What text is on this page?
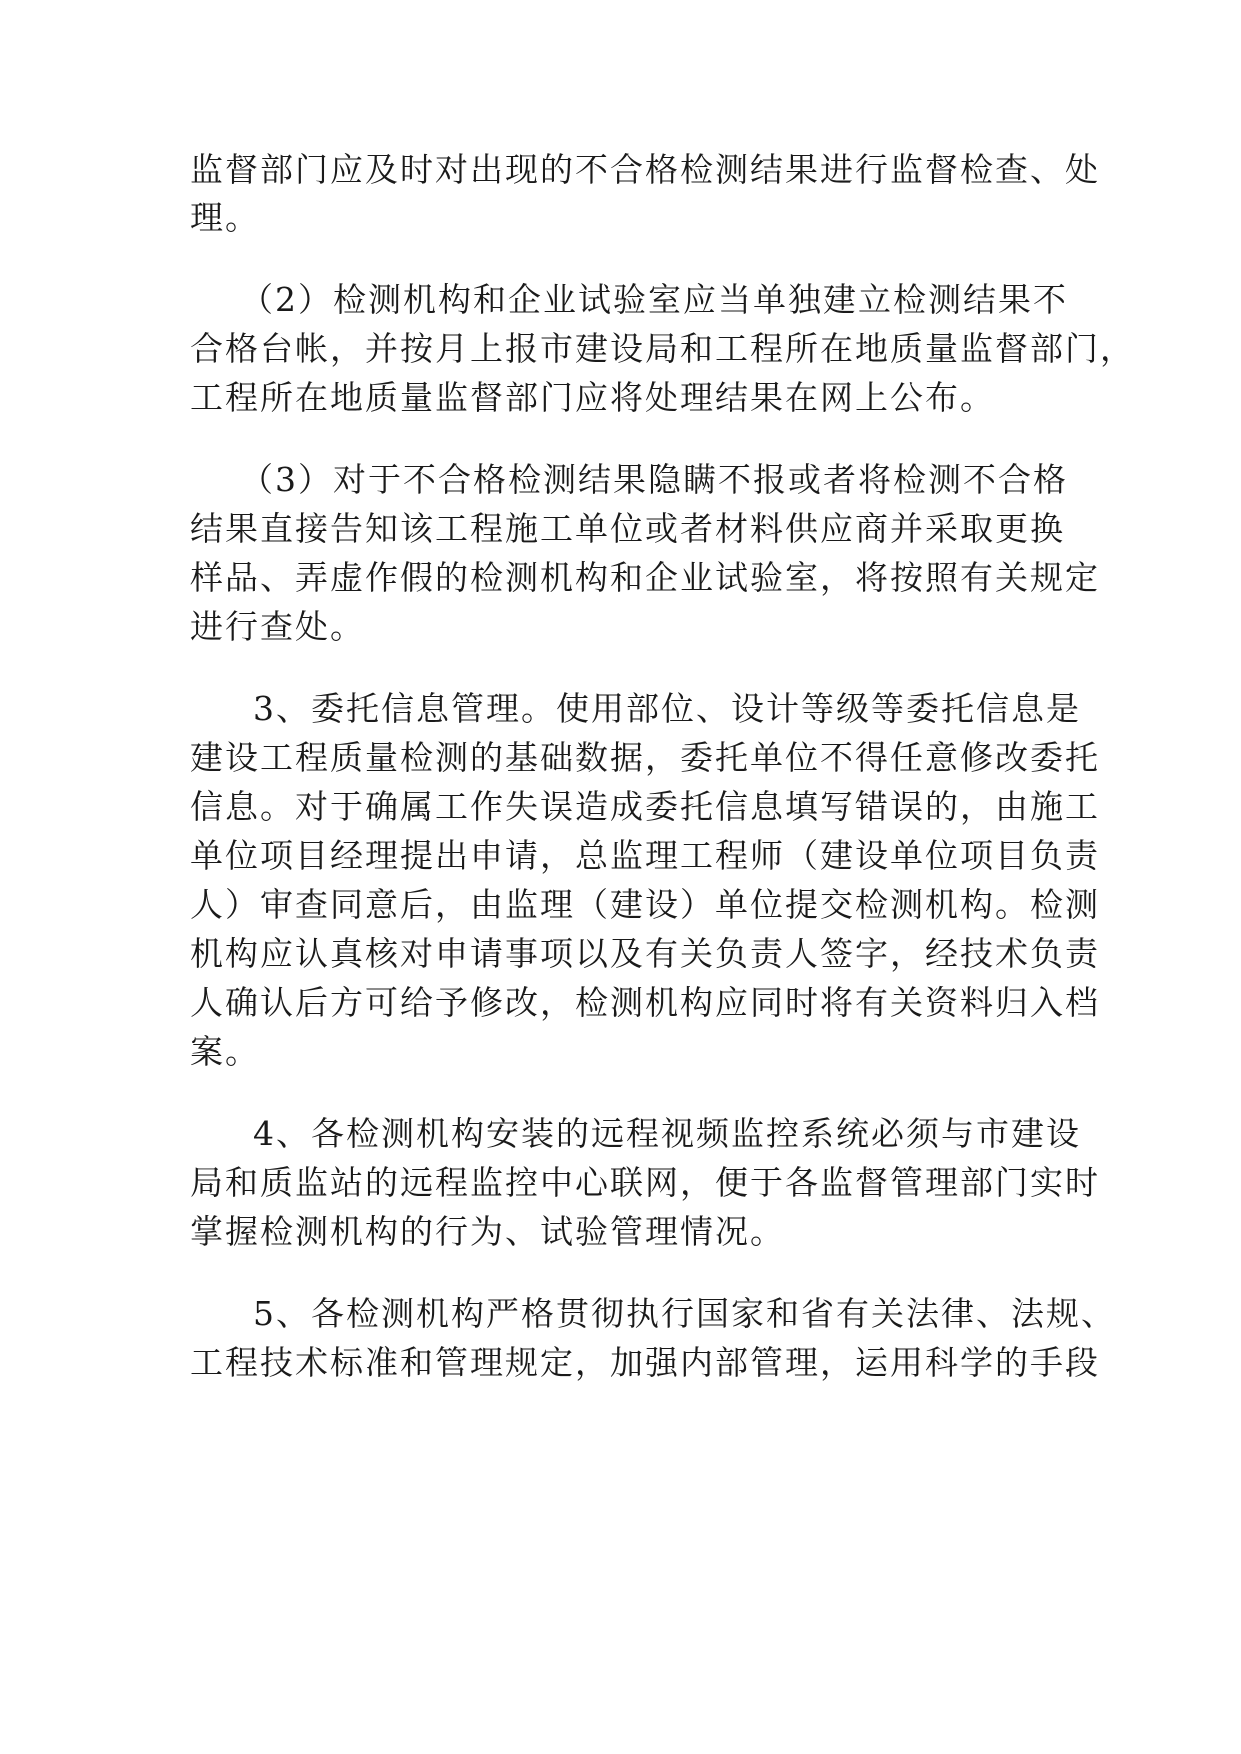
监督部门应及时对出现的不合格检测结果进行监督检查、处
理。
（2）检测机构和企业试验室应当单独建立检测结果不
合格台帐，并按月上报市建设局和工程所在地质量监督部门，
工程所在地质量监督部门应将处理结果在网上公布。
（3）对于不合格检测结果隐瞒不报或者将检测不合格
结果直接告知该工程施工单位或者材料供应商并采取更换
样品、弄虚作假的检测机构和企业试验室，将按照有关规定
进行查处。
3、委托信息管理。使用部位、设计等级等委托信息是
建设工程质量检测的基础数据，委托单位不得任意修改委托
信息。对于确属工作失误造成委托信息填写错误的，由施工
单位项目经理提出申请，总监理工程师（建设单位项目负责
人）审查同意后，由监理（建设）单位提交检测机构。检测
机构应认真核对申请事项以及有关负责人签字，经技术负责
人确认后方可给予修改，检测机构应同时将有关资料归入档
案。
4、各检测机构安装的远程视频监控系统必须与市建设
局和质监站的远程监控中心联网，便于各监督管理部门实时
掌握检测机构的行为、试验管理情况。
5、各检测机构严格贯彻执行国家和省有关法律、法规、
工程技术标准和管理规定，加强内部管理，运用科学的手段
